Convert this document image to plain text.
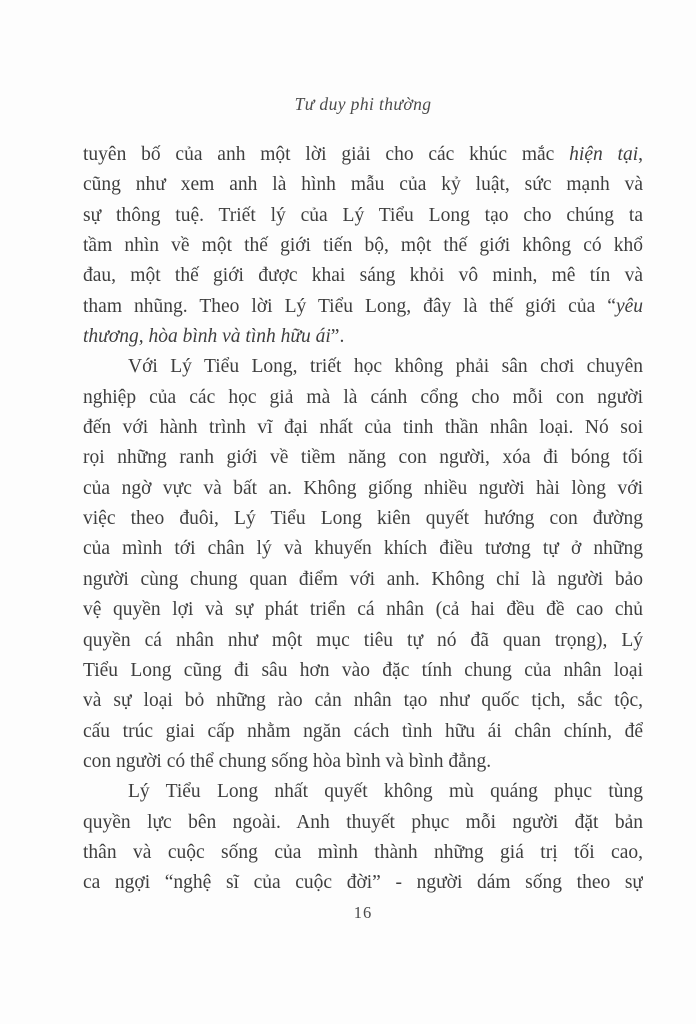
Tư duy phi thường
tuyên bố của anh một lời giải cho các khúc mắc hiện tại,
cũng như xem anh là hình mẫu của kỷ luật, sức mạnh và
sự thông tuệ. Triết lý của Lý Tiểu Long tạo cho chúng ta
tầm nhìn về một thế giới tiến bộ, một thế giới không có khổ
đau, một thế giới được khai sáng khỏi vô minh, mê tín và
tham nhũng. Theo lời Lý Tiểu Long, đây là thế giới của “yêu
thương, hòa bình và tình hữu ái”.
Với Lý Tiểu Long, triết học không phải sân chơi chuyên
nghiệp của các học giả mà là cánh cổng cho mỗi con người
đến với hành trình vĩ đại nhất của tinh thần nhân loại. Nó soi
rọi những ranh giới về tiềm năng con người, xóa đi bóng tối
của ngờ vực và bất an. Không giống nhiều người hài lòng với
việc theo đuôi, Lý Tiểu Long kiên quyết hướng con đường
của mình tới chân lý và khuyến khích điều tương tự ở những
người cùng chung quan điểm với anh. Không chỉ là người bảo
vệ quyền lợi và sự phát triển cá nhân (cả hai đều đề cao chủ
quyền cá nhân như một mục tiêu tự nó đã quan trọng), Lý
Tiểu Long cũng đi sâu hơn vào đặc tính chung của nhân loại
và sự loại bỏ những rào cản nhân tạo như quốc tịch, sắc tộc,
cấu trúc giai cấp nhằm ngăn cách tình hữu ái chân chính, để
con người có thể chung sống hòa bình và bình đẳng.
Lý Tiểu Long nhất quyết không mù quáng phục tùng
quyền lực bên ngoài. Anh thuyết phục mỗi người đặt bản
thân và cuộc sống của mình thành những giá trị tối cao,
ca ngợi “nghệ sĩ của cuộc đời” - người dám sống theo sự
16
